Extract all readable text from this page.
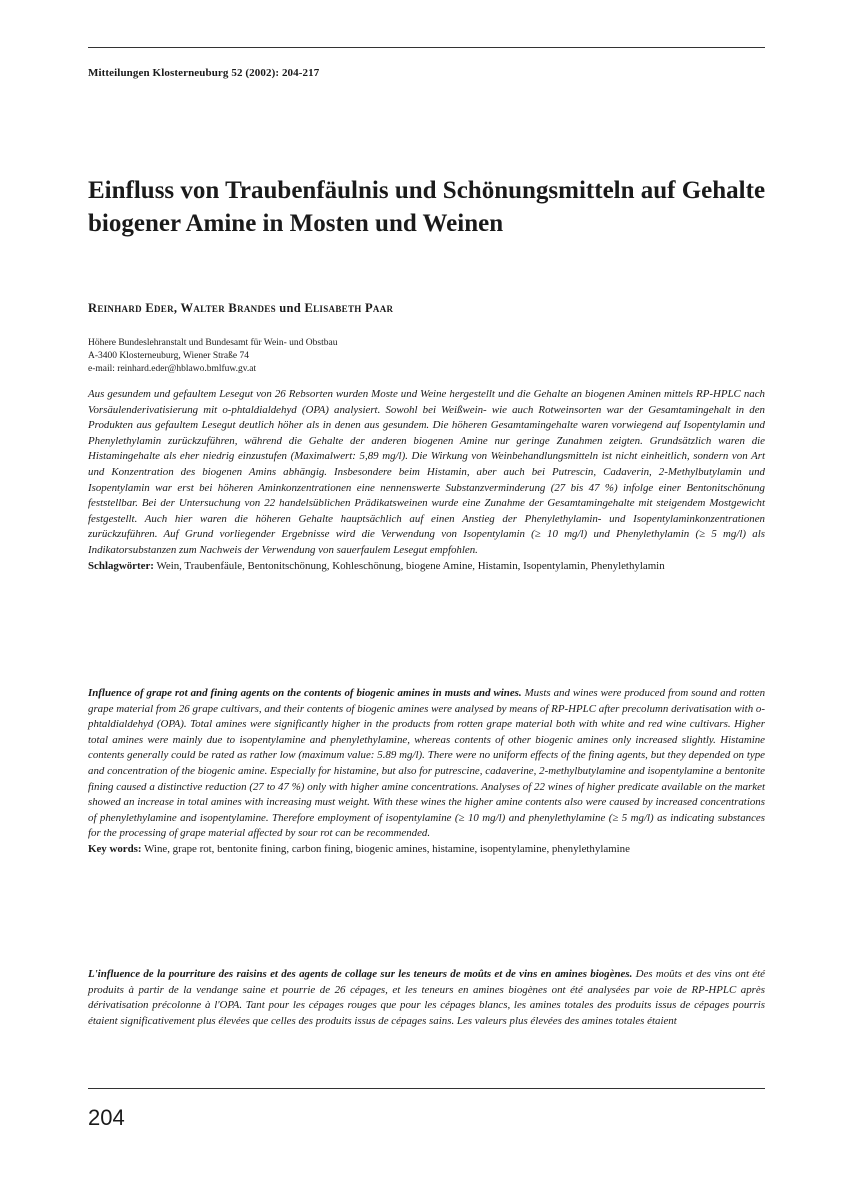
Mitteilungen Klosterneuburg 52 (2002): 204-217
Einfluss von Traubenfäulnis und Schönungsmitteln auf Gehalte biogener Amine in Mosten und Weinen
Reinhard Eder, Walter Brandes und Elisabeth Paar
Höhere Bundeslehranstalt und Bundesamt für Wein- und Obstbau
A-3400 Klosterneuburg, Wiener Straße 74
e-mail: reinhard.eder@hblawo.bmlfuw.gv.at

Aus gesundem und gefaultem Lesegut von 26 Rebsorten wurden Moste und Weine hergestellt und die Gehalte an biogenen Aminen mittels RP-HPLC nach Vorsäulenderivatisierung mit o-phtaldialdehyd (OPA) analysiert. Sowohl bei Weißwein- wie auch Rotweinsorten war der Gesamtamingehalt in den Produkten aus gefaultem Lesegut deutlich höher als in denen aus gesundem. Die höheren Gesamtamingehalte waren vorwiegend auf Isopentylamin und Phenylethylamin zurückzuführen, während die Gehalte der anderen biogenen Amine nur geringe Zunahmen zeigten. Grundsätzlich waren die Histamingehalte als eher niedrig einzustufen (Maximalwert: 5,89 mg/l). Die Wirkung von Weinbehandlungsmitteln ist nicht einheitlich, sondern von Art und Konzentration des biogenen Amins abhängig. Insbesondere beim Histamin, aber auch bei Putrescin, Cadaverin, 2-Methylbutylamin und Isopentylamin war erst bei höheren Aminkonzentrationen eine nennenswerte Substanzverminderung (27 bis 47 %) infolge einer Bentonitschönung feststellbar. Bei der Untersuchung von 22 handelsüblichen Prädikatsweinen wurde eine Zunahme der Gesamtamingehalte mit steigendem Mostgewicht festgestellt. Auch hier waren die höheren Gehalte hauptsächlich auf einen Anstieg der Phenylethylamin- und Isopentylaminkonzentrationen zurückzuführen. Auf Grund vorliegender Ergebnisse wird die Verwendung von Isopentylamin (≥ 10 mg/l) und Phenylethylamin (≥ 5 mg/l) als Indikatorsubstanzen zum Nachweis der Verwendung von sauerfaulem Lesegut empfohlen.

Schlagwörter: Wein, Traubenfäule, Bentonitschönung, Kohleschönung, biogene Amine, Histamin, Isopentylamin, Phenylethylamin

Influence of grape rot and fining agents on the contents of biogenic amines in musts and wines. Musts and wines were produced from sound and rotten grape material from 26 grape cultivars, and their contents of biogenic amines were analysed by means of RP-HPLC after precolumn derivatisation with o-phtaldialdehyd (OPA). Total amines were significantly higher in the products from rotten grape material both with white and red wine cultivars. Higher total amines were mainly due to isopentylamine and phenylethylamine, whereas contents of other biogenic amines only increased slightly. Histamine contents generally could be rated as rather low (maximum value: 5.89 mg/l). There were no uniform effects of the fining agents, but they depended on type and concentration of the biogenic amine. Especially for histamine, but also for putrescine, cadaverine, 2-methylbutylamine and isopentylamine a bentonite fining caused a distinctive reduction (27 to 47 %) only with higher amine concentrations. Analyses of 22 wines of higher predicate available on the market showed an increase in total amines with increasing must weight. With these wines the higher amine contents also were caused by increased concentrations of phenylethylamine and isopentylamine. Therefore employment of isopentylamine (≥ 10 mg/l) and phenylethylamine (≥ 5 mg/l) as indicating substances for the processing of grape material affected by sour rot can be recommended.

Key words: Wine, grape rot, bentonite fining, carbon fining, biogenic amines, histamine, isopentylamine, phenylethylamine

L'influence de la pourriture des raisins et des agents de collage sur les teneurs de moûts et de vins en amines biogènes. Des moûts et des vins ont été produits à partir de la vendange saine et pourrie de 26 cépages, et les teneurs en amines biogènes ont été analysées par voie de RP-HPLC après dérivatisation précolonne à l'OPA. Tant pour les cépages rouges que pour les cépages blancs, les amines totales des produits issus de cépages pourris étaient significativement plus élevées que celles des produits issus de cépages sains. Les valeurs plus élevées des amines totales étaient

204
